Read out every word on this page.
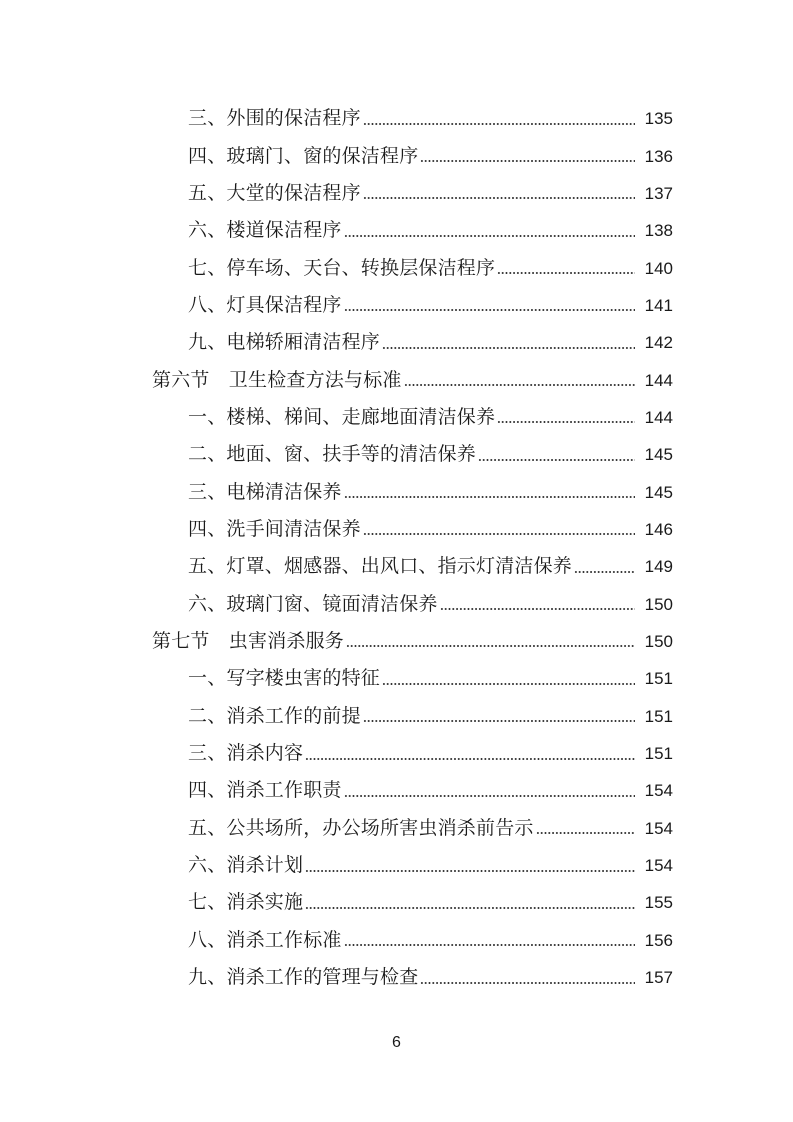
三、外围的保洁程序	135
四、玻璃门、窗的保洁程序	136
五、大堂的保洁程序	137
六、楼道保洁程序	138
七、停车场、天台、转换层保洁程序	140
八、灯具保洁程序	141
九、电梯轿厢清洁程序	142
第六节　卫生检查方法与标准	144
一、楼梯、梯间、走廊地面清洁保养	144
二、地面、窗、扶手等的清洁保养	145
三、电梯清洁保养	145
四、洗手间清洁保养	146
五、灯罩、烟感器、出风口、指示灯清洁保养	149
六、玻璃门窗、镜面清洁保养	150
第七节　虫害消杀服务	150
一、写字楼虫害的特征	151
二、消杀工作的前提	151
三、消杀内容	151
四、消杀工作职责	154
五、公共场所，办公场所害虫消杀前告示	154
六、消杀计划	154
七、消杀实施	155
八、消杀工作标准	156
九、消杀工作的管理与检查	157
6
